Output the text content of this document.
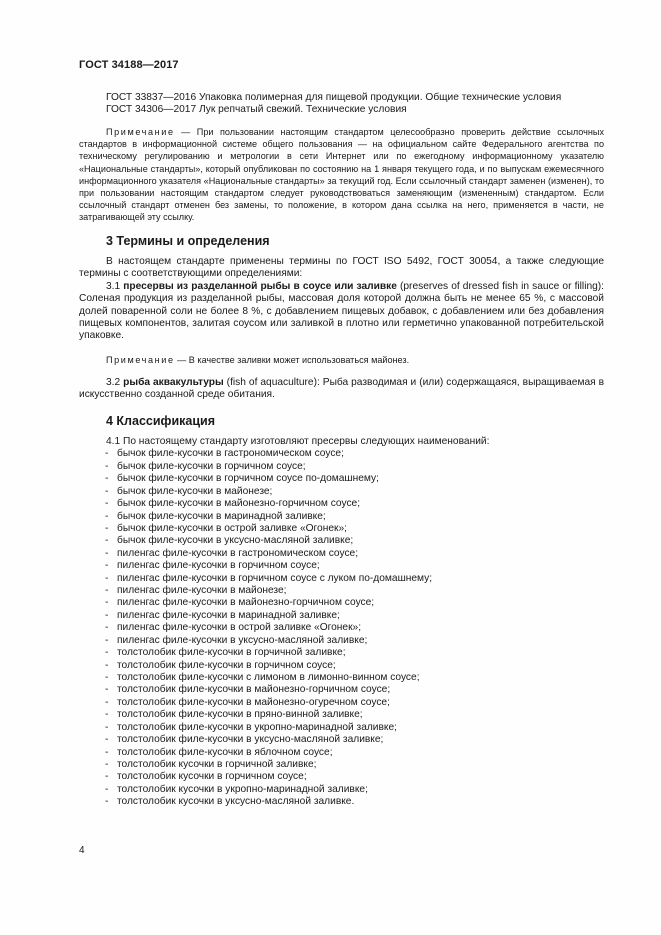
ГОСТ 34188—2017

ГОСТ 33837—2016 Упаковка полимерная для пищевой продукции. Общие технические условия

ГОСТ 34306—2017 Лук репчатый свежий. Технические условия

Примечание — При пользовании настоящим стандартом целесообразно проверить действие ссылочных стандартов в информационной системе общего пользования — на официальном сайте Федерального агентства по техническому регулированию и метрологии в сети Интернет или по ежегодному информационному указателю «Национальные стандарты», который опубликован по состоянию на 1 января текущего года, и по выпускам ежемесячного информационного указателя «Национальные стандарты» за текущий год. Если ссылочный стандарт заменен (изменен), то при пользовании настоящим стандартом следует руководствоваться заменяющим (измененным) стандартом. Если ссылочный стандарт отменен без замены, то положение, в котором дана ссылка на него, применяется в части, не затрагивающей эту ссылку.

3 Термины и определения

В настоящем стандарте применены термины по ГОСТ ISO 5492, ГОСТ 30054, а также следующие термины с соответствующими определениями:

3.1 пресервы из разделанной рыбы в соусе или заливке (preserves of dressed fish in sauce or filling): Соленая продукция из разделанной рыбы, массовая доля которой должна быть не менее 65 %, с массовой долей поваренной соли не более 8 %, с добавлением пищевых добавок, с добавлением или без добавления пищевых компонентов, залитая соусом или заливкой в плотно или герметично упакованной потребительской упаковке.

Примечание — В качестве заливки может использоваться майонез.

3.2 рыба аквакультуры (fish of aquaculture): Рыба разводимая и (или) содержащаяся, выращиваемая в искусственно созданной среде обитания.

4 Классификация

4.1 По настоящему стандарту изготовляют пресервы следующих наименований:

- бычок филе-кусочки в гастрономическом соусе;
- бычок филе-кусочки в горчичном соусе;
- бычок филе-кусочки в горчичном соусе по-домашнему;
- бычок филе-кусочки в майонезе;
- бычок филе-кусочки в майонезно-горчичном соусе;
- бычок филе-кусочки в маринадной заливке;
- бычок филе-кусочки в острой заливке «Огонек»;
- бычок филе-кусочки в уксусно-масляной заливке;
- пиленгас филе-кусочки в гастрономическом соусе;
- пиленгас филе-кусочки в горчичном соусе;
- пиленгас филе-кусочки в горчичном соусе с луком по-домашнему;
- пиленгас филе-кусочки в майонезе;
- пиленгас филе-кусочки в майонезно-горчичном соусе;
- пиленгас филе-кусочки в маринадной заливке;
- пиленгас филе-кусочки в острой заливке «Огонек»;
- пиленгас филе-кусочки в уксусно-масляной заливке;
- толстолобик филе-кусочки в горчичной заливке;
- толстолобик филе-кусочки в горчичном соусе;
- толстолобик филе-кусочки с лимоном в лимонно-винном соусе;
- толстолобик филе-кусочки в майонезно-горчичном соусе;
- толстолобик филе-кусочки в майонезно-огуречном соусе;
- толстолобик филе-кусочки в пряно-винной заливке;
- толстолобик филе-кусочки в укропно-маринадной заливке;
- толстолобик филе-кусочки в уксусно-масляной заливке;
- толстолобик филе-кусочки в яблочном соусе;
- толстолобик кусочки в горчичной заливке;
- толстолобик кусочки в горчичном соусе;
- толстолобик кусочки в укропно-маринадной заливке;
- толстолобик кусочки в уксусно-масляной заливке.
4
